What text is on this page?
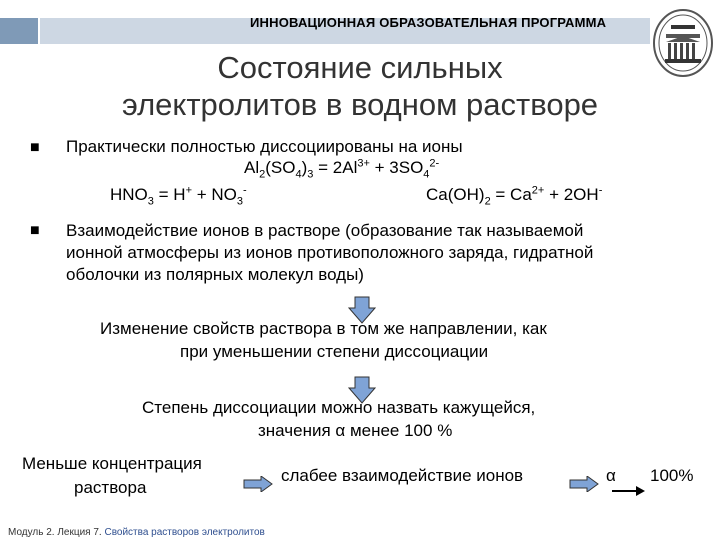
ИННОВАЦИОННАЯ ОБРАЗОВАТЕЛЬНАЯ ПРОГРАММА
Состояние сильных
электролитов в водном растворе
■ Практически полностью диссоциированы на ионы
$Al_2(SO_4)_3 = 2Al^{3+} + 3SO_4^{2-}$
$HNO_3 = H^+ + NO_3^-$	$Ca(OH)_2 = Ca^{2+} + 2OH^-$
■ Взаимодействие ионов в растворе (образование так называемой
ионной атмосферы из ионов противоположного заряда, гидратной
оболочки из полярных молекул воды)
Изменение свойств раствора в том же направлении, как
при уменьшении степени диссоциации
Степень диссоциации можно назвать кажущейся,
значения α менее 100 %
Меньше концентрация
раствора
слабее взаимодействие ионов	α 100%
Модуль 2. Лекция 7. Свойства растворов электролитов
